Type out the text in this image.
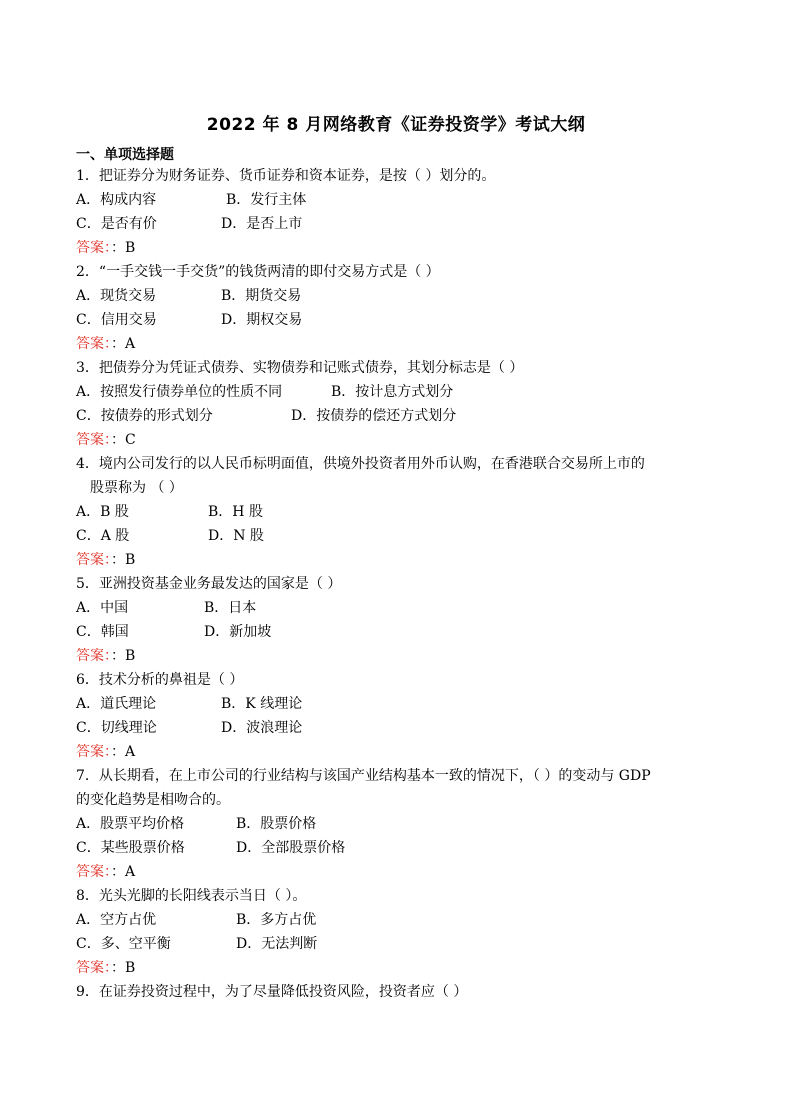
2022 年 8 月网络教育《证券投资学》考试大纲
一、单项选择题
1．把证券分为财务证券、货币证券和资本证券，是按（ ）划分的。
A．构成内容	B．发行主体
C．是否有价	D．是否上市
答案：：B
2．“一手交钱一手交货”的钱货两清的即付交易方式是（ ）
A．现货交易	B．期货交易
C．信用交易	D．期权交易
答案：：A
3．把债券分为凭证式债券、实物债券和记账式债券，其划分标志是（ ）
A．按照发行债券单位的性质不同	B．按计息方式划分
C．按债券的形式划分	D．按债券的偿还方式划分
答案：：C
4．境内公司发行的以人民币标明面值，供境外投资者用外币认购，在香港联合交易所上市的
股票称为 （ ）
A．B 股	B．H 股
C．A 股	D．N 股
答案：：B
5．亚洲投资基金业务最发达的国家是（ ）
A．中国	B．日本
C．韩国	D．新加坡
答案：：B
6．技术分析的鼻祖是（ ）
A．道氏理论	B．K 线理论
C．切线理论	D．波浪理论
答案：：A
7．从长期看，在上市公司的行业结构与该国产业结构基本一致的情况下，（ ）的变动与 GDP
的变化趋势是相吻合的。
A．股票平均价格	B．股票价格
C．某些股票价格	D．全部股票价格
答案：：A
8．光头光脚的长阳线表示当日（ ）。
A．空方占优	B．多方占优
C．多、空平衡	D．无法判断
答案：：B
9．在证券投资过程中，为了尽量降低投资风险，投资者应（ ）
